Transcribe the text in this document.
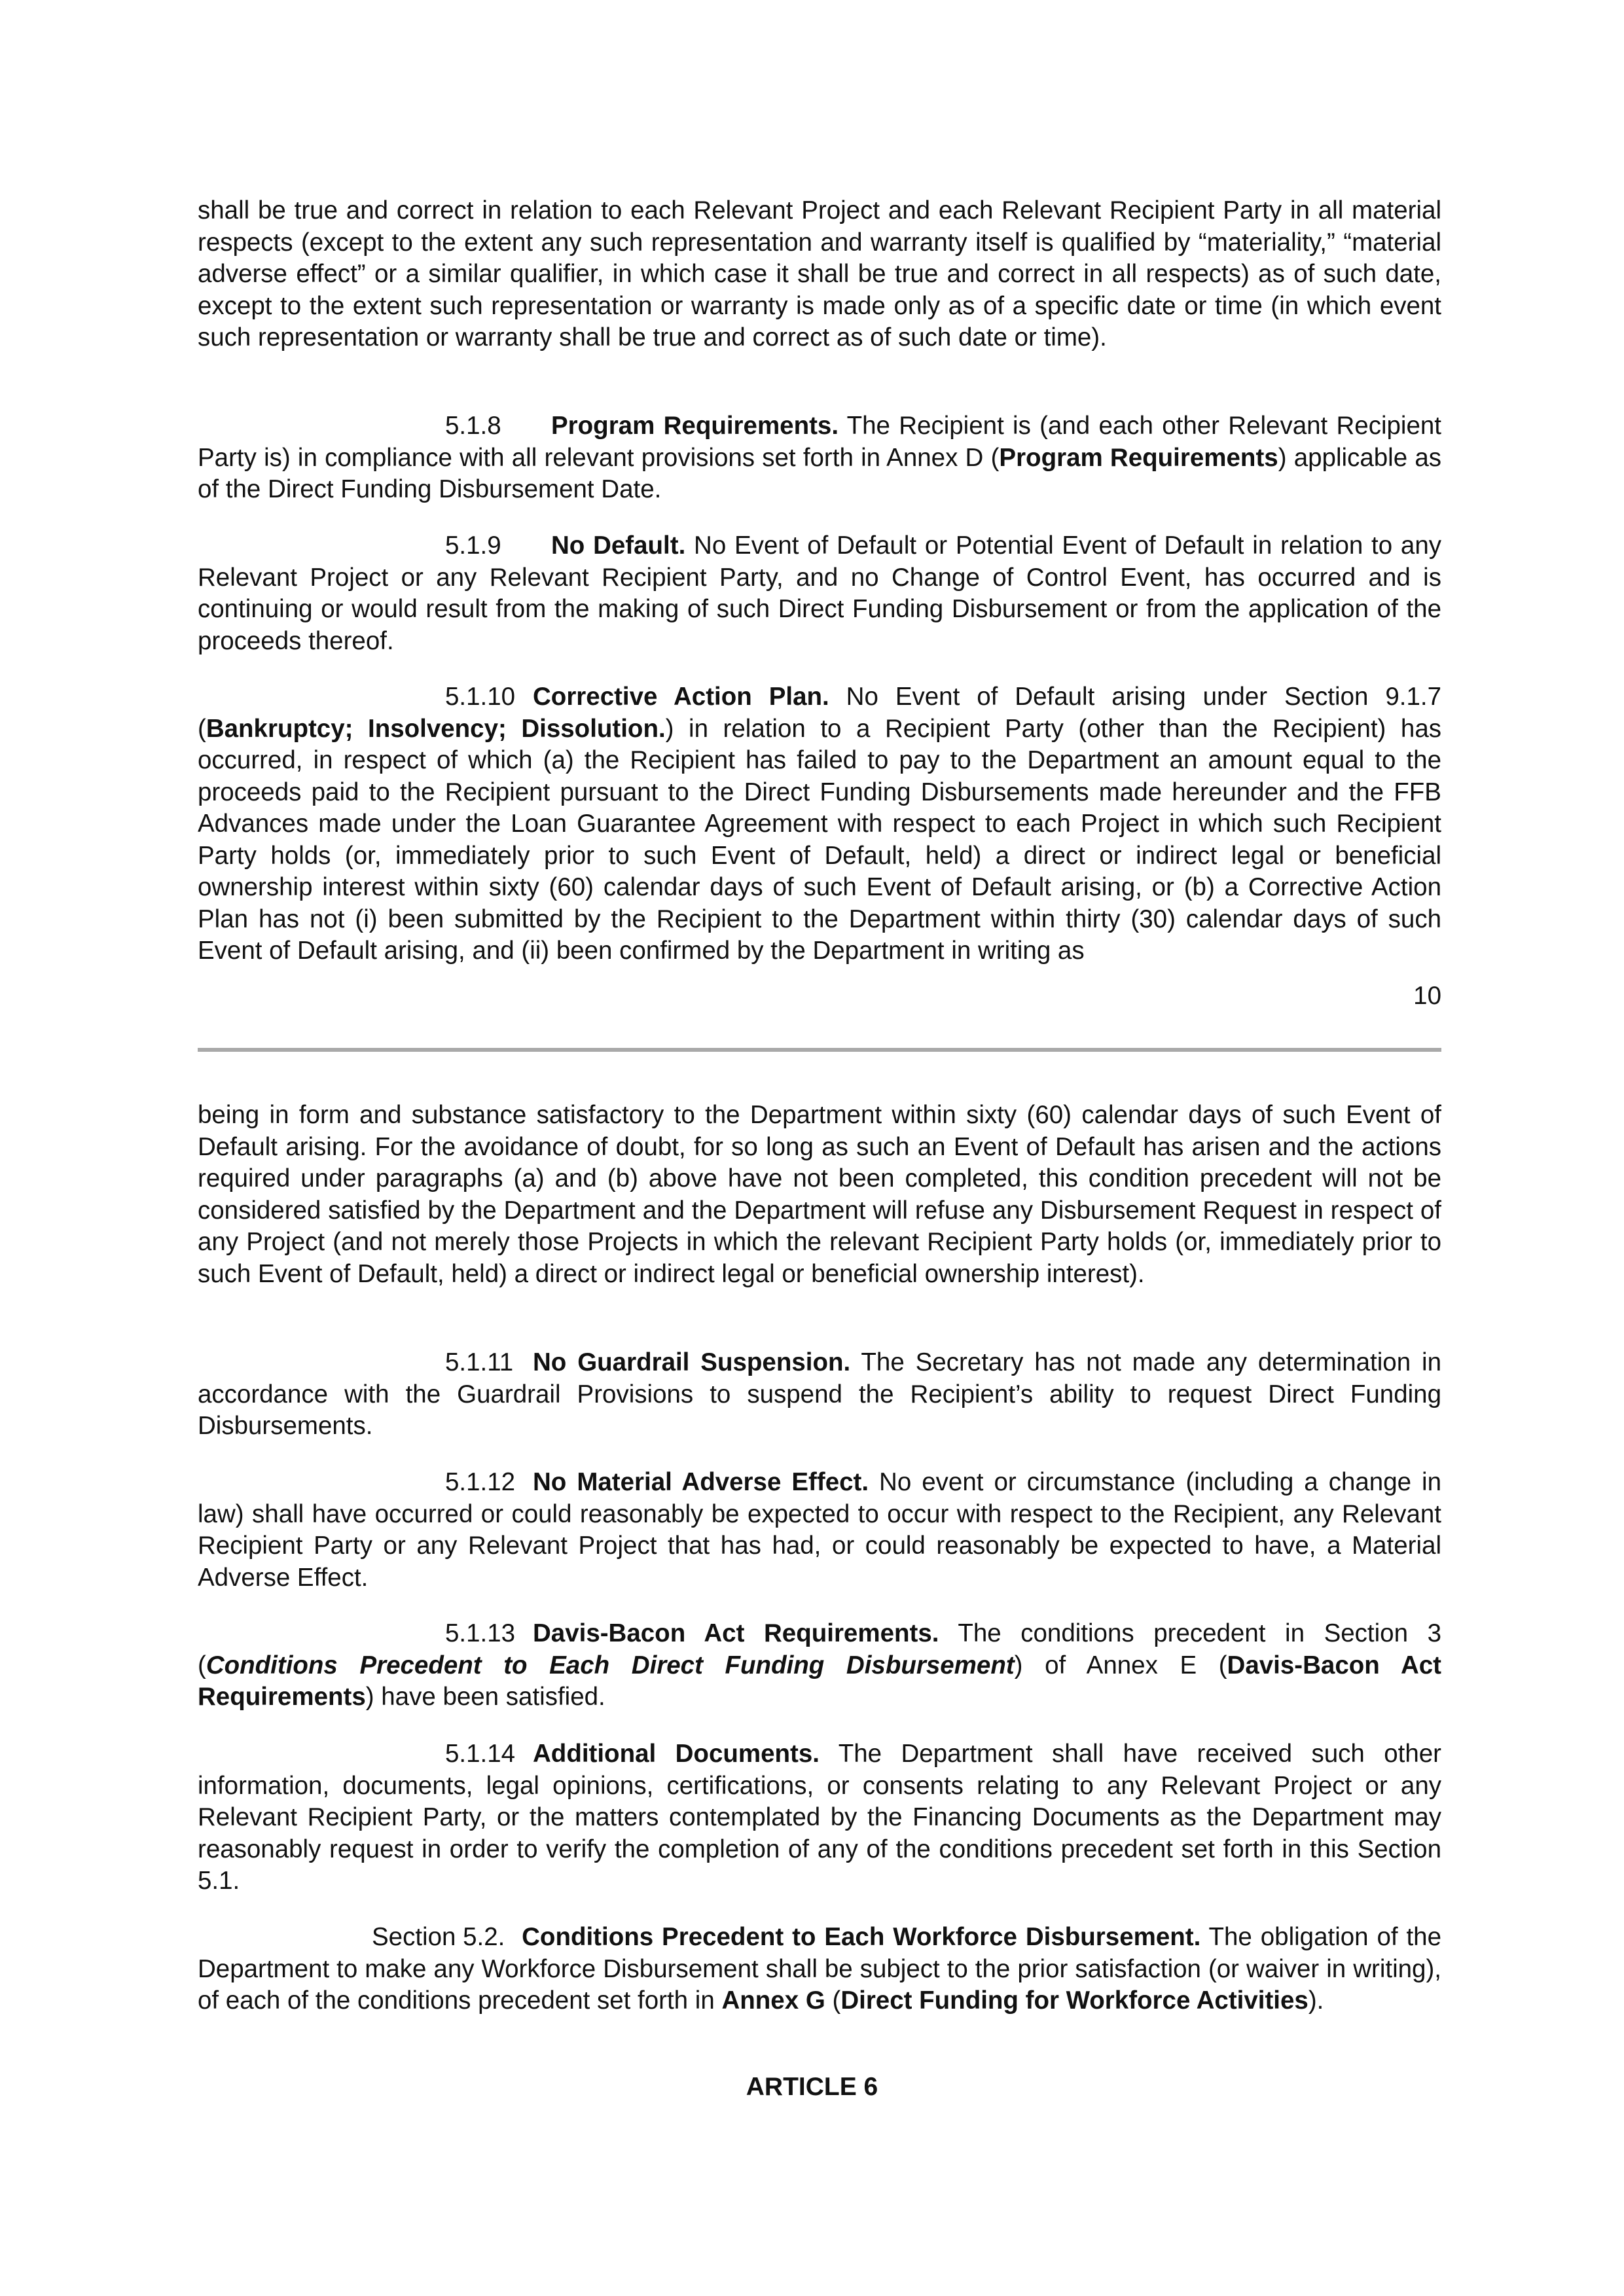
shall be true and correct in relation to each Relevant Project and each Relevant Recipient Party in all material respects (except to the extent any such representation and warranty itself is qualified by “materiality,” “material adverse effect” or a similar qualifier, in which case it shall be true and correct in all respects) as of such date, except to the extent such representation or warranty is made only as of a specific date or time (in which event such representation or warranty shall be true and correct as of such date or time).

5.1.8 Program Requirements. The Recipient is (and each other Relevant Recipient Party is) in compliance with all relevant provisions set forth in Annex D (Program Requirements) applicable as of the Direct Funding Disbursement Date.

5.1.9 No Default. No Event of Default or Potential Event of Default in relation to any Relevant Project or any Relevant Recipient Party, and no Change of Control Event, has occurred and is continuing or would result from the making of such Direct Funding Disbursement or from the application of the proceeds thereof.

5.1.10 Corrective Action Plan. No Event of Default arising under Section 9.1.7 (Bankruptcy; Insolvency; Dissolution.) in relation to a Recipient Party (other than the Recipient) has occurred, in respect of which (a) the Recipient has failed to pay to the Department an amount equal to the proceeds paid to the Recipient pursuant to the Direct Funding Disbursements made hereunder and the FFB Advances made under the Loan Guarantee Agreement with respect to each Project in which such Recipient Party holds (or, immediately prior to such Event of Default, held) a direct or indirect legal or beneficial ownership interest within sixty (60) calendar days of such Event of Default arising, or (b) a Corrective Action Plan has not (i) been submitted by the Recipient to the Department within thirty (30) calendar days of such Event of Default arising, and (ii) been confirmed by the Department in writing as

10

being in form and substance satisfactory to the Department within sixty (60) calendar days of such Event of Default arising. For the avoidance of doubt, for so long as such an Event of Default has arisen and the actions required under paragraphs (a) and (b) above have not been completed, this condition precedent will not be considered satisfied by the Department and the Department will refuse any Disbursement Request in respect of any Project (and not merely those Projects in which the relevant Recipient Party holds (or, immediately prior to such Event of Default, held) a direct or indirect legal or beneficial ownership interest).

5.1.11 No Guardrail Suspension. The Secretary has not made any determination in accordance with the Guardrail Provisions to suspend the Recipient’s ability to request Direct Funding Disbursements.

5.1.12 No Material Adverse Effect. No event or circumstance (including a change in law) shall have occurred or could reasonably be expected to occur with respect to the Recipient, any Relevant Recipient Party or any Relevant Project that has had, or could reasonably be expected to have, a Material Adverse Effect.

5.1.13 Davis-Bacon Act Requirements. The conditions precedent in Section 3 (Conditions Precedent to Each Direct Funding Disbursement) of Annex E (Davis-Bacon Act Requirements) have been satisfied.

5.1.14 Additional Documents. The Department shall have received such other information, documents, legal opinions, certifications, or consents relating to any Relevant Project or any Relevant Recipient Party, or the matters contemplated by the Financing Documents as the Department may reasonably request in order to verify the completion of any of the conditions precedent set forth in this Section 5.1.

Section 5.2. Conditions Precedent to Each Workforce Disbursement. The obligation of the Department to make any Workforce Disbursement shall be subject to the prior satisfaction (or waiver in writing), of each of the conditions precedent set forth in Annex G (Direct Funding for Workforce Activities).

ARTICLE 6
